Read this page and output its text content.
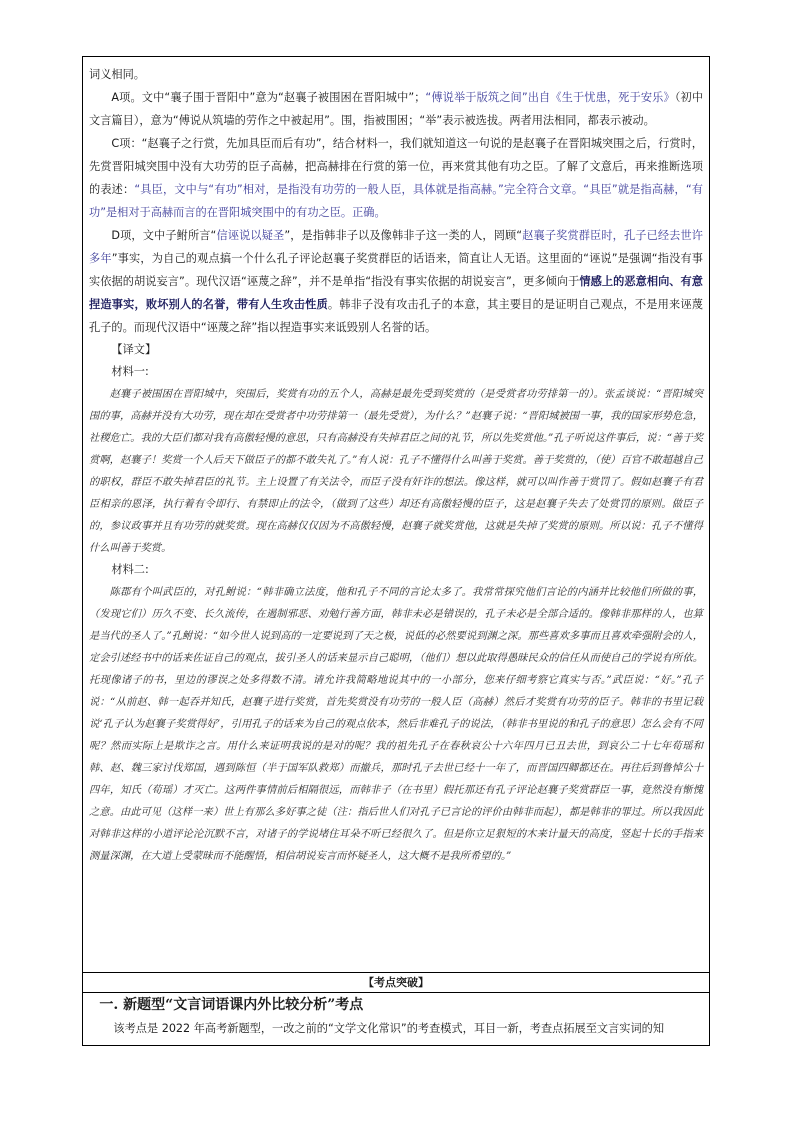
词义相同。

A项。文中“襄子围于晋阳中”意为“赵襄子被围困在晋阳城中”；“傅说举于版筑之间”出自《生于忧患，死于安乐》（初中文言篇目），意为“傅说从筑墙的劳作之中被起用”。围，指被围困；“举”表示被选拔。两者用法相同，都表示被动。

C项：“赵襄子之行赏，先加具臣而后有功”，结合材料一，我们就知道这一句说的是赵襄子在晋阳城突围之后，行赏时，先赏晋阳城突围中没有大功劳的臣子高赫，把高赫排在行赏的第一位，再来赏其他有功之臣。了解了文意后，再来推断选项的表述：“具臣，文中与“有功”相对，是指没有功劳的一般人臣，具体就是指高赫。”完全符合文章。“具臣”就是指高赫，“有功”是相对于高赫而言的在晋阳城突围中的有功之臣。正确。

D项，文中子鲋所言“信诬说以疑圣”，是指韩非子以及像韩非子这一类的人，罔顾“赵襄子奖赏群臣时，孔子已经去世许多年”事实，为自己的观点搞一个什么孔子评论赵襄子奖赏群臣的话语来，简直让人无语。这里面的“诬说”是强调“指没有事实依据的胡说妄言”。现代汉语“诬蔑之辞”，并不是单指“指没有事实依据的胡说妄言”，更多倾向于情感上的恶意相向、有意捏造事实，败坏别人的名誉，带有人生攻击性质。韩非子没有攻击孔子的本意，其主要目的是证明自己观点，不是用来诬蔑孔子的。而现代汉语中“诬蔑之辞”指以捏造事实来诋毁别人名誉的话。

【译文】

材料一:

赵襄子被围困在晋阳城中，突围后，奖赏有功的五个人，高赫是最先受到奖赏的（是受赏者功劳排第一的）。张孟谈说：“晋阳城突围的事，高赫并没有大功劳，现在却在受赏者中功劳排第一（最先受赏），为什么？”赵襄子说：“晋阳城被围一事，我的国家形势危急，社稷危亡。我的大臣们都对我有高傲轻慢的意思，只有高赫没有失掉君臣之间的礼节，所以先奖赏他。”孔子听说这件事后，说：“善于奖赏啊，赵襄子！奖赏一个人后天下做臣子的都不敢失礼了。”有人说：孔子不懂得什么叫善于奖赏。善于奖赏的，（使）百官不敢超越自己的职权，群臣不敢失掉君臣的礼节。主上设置了有关法令，而臣子没有奸诈的想法。像这样，就可以叫作善于赏罚了。假如赵襄子有君臣相亲的恩泽，执行着有令即行、有禁即止的法令，（做到了这些）却还有高傲轻慢的臣子，这是赵襄子失去了处赏罚的原则。做臣子的，参议政事并且有功劳的就奖赏。现在高赫仅仅因为不高傲轻慢，赵襄子就奖赏他，这就是失掉了奖赏的原则。所以说：孔子不懂得什么叫善于奖赏。

材料二:

陈郡有个叫武臣的，对孔鲋说：“韩非确立法度，他和孔子不同的言论太多了。我常常探究他们言论的内涵并比较他们所做的事，（发现它们）历久不变、长久流传，在遏制邪恶、劝勉行善方面，韩非未必是错误的，孔子未必是全部合适的。像韩非那样的人，也算是当代的圣人了。”孔鲋说：“如今世人说到高的一定要说到了天之极，说低的必然要说到渊之深。那些喜欢多事而且喜欢牵强附会的人，定会引述经书中的话来佐证自己的观点，拔引圣人的话来显示自己聪明，（他们）想以此取得愚昧民众的信任从而使自己的学说有所依。托现像诸子的书，里边的谬误之处多得数不清。请允许我简略地说其中的一小部分，您来仔细考察它真实与否。”武臣说：“好。”孔子说：“从前赵、韩一起吞并知氏，赵襄子进行奖赏，首先奖赏没有功劳的一般人臣（高赫）然后才奖赏有功劳的臣子。韩非的书里记载说‘孔子认为赵襄子奖赏得好’，引用孔子的话来为自己的观点依本，然后非难孔子的说法，（韩非书里说的和孔子的意思）怎么会有不同呢？然而实际上是欺诈之言。用什么来证明我说的是对的呢？我的祖先孔子在春秋哀公十六年四月已丑去世，到哀公二十七年荀瑶和韩、赵、魏三家讨伐郑国，遇到陈恒（半于国军队救郑）而撤兵，那时孔子去世已经十一年了，而晋国四卿都还在。再往后到鲁悼公十四年，知氏（荀瑶）才灭亡。这两件事情前后相隔很远，而韩非子（在书里）假托那还有孔子评论赵襄子奖赏群臣一事，竟然没有惭愧之意。由此可见（这样一来）世上有那么多好事之徒（注：指后世人们对孔子已言论的评价由韩非而起），都是韩非的罪过。所以我因此对韩非这样的小道评论沦沉默不言，对诸子的学说堵住耳朵不听已经很久了。但是你立足狠短的木来计量天的高度，竖起十长的手指来测量深渊，在大道上受蒙昧而不能醒悟，相信胡说妄言而怀疑圣人，这大概不是我所希望的。”

【考点突破】

一. 新题型“文言词语课内外比较分析”考点

该考点是 2022 年高考新题型，一改之前的“文学文化常识”的考查模式，耳目一新，考查点拓展至文言实词的知
